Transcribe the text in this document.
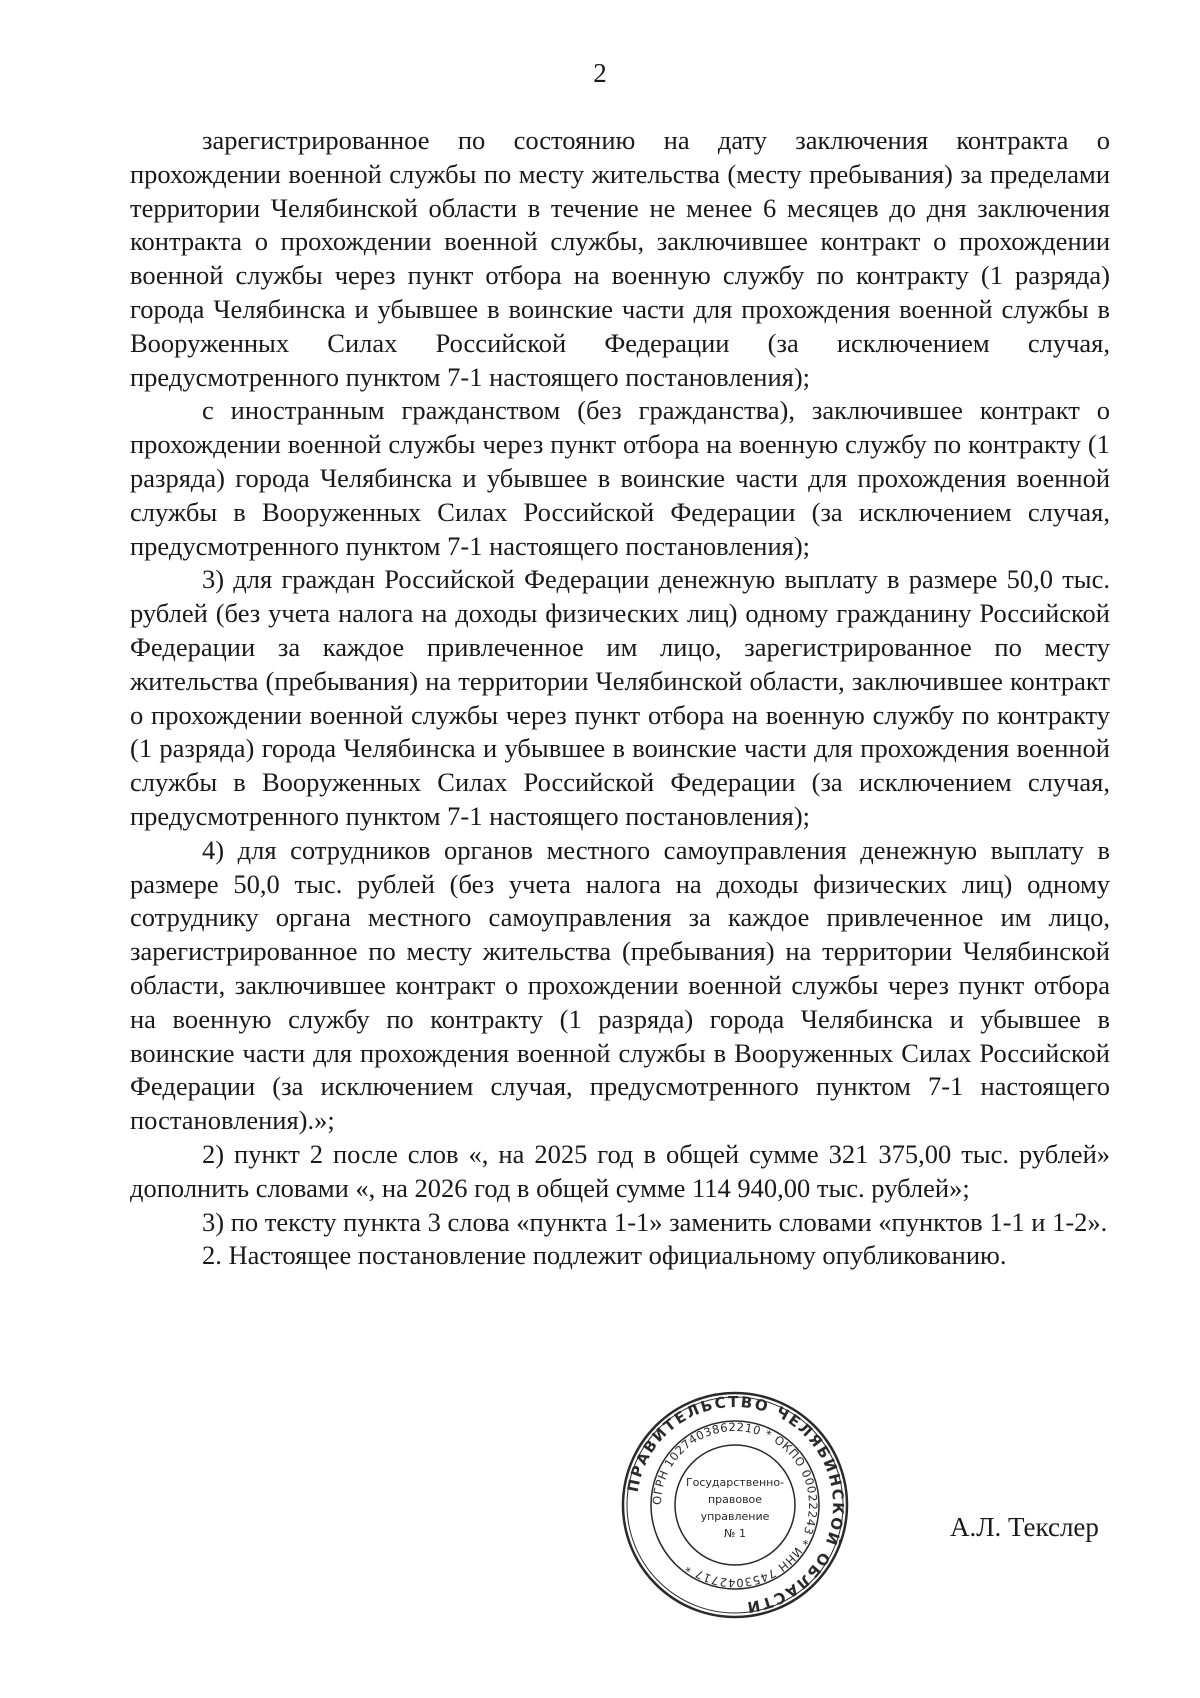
2

зарегистрированное по состоянию на дату заключения контракта о прохождении военной службы по месту жительства (месту пребывания) за пределами территории Челябинской области в течение не менее 6 месяцев до дня заключения контракта о прохождении военной службы, заключившее контракт о прохождении военной службы через пункт отбора на военную службу по контракту (1 разряда) города Челябинска и убывшее в воинские части для прохождения военной службы в Вооруженных Силах Российской Федерации (за исключением случая, предусмотренного пунктом 7-1 настоящего постановления);

с иностранным гражданством (без гражданства), заключившее контракт о прохождении военной службы через пункт отбора на военную службу по контракту (1 разряда) города Челябинска и убывшее в воинские части для прохождения военной службы в Вооруженных Силах Российской Федерации (за исключением случая, предусмотренного пунктом 7-1 настоящего постановления);

3) для граждан Российской Федерации денежную выплату в размере 50,0 тыс. рублей (без учета налога на доходы физических лиц) одному гражданину Российской Федерации за каждое привлеченное им лицо, зарегистрированное по месту жительства (пребывания) на территории Челябинской области, заключившее контракт о прохождении военной службы через пункт отбора на военную службу по контракту (1 разряда) города Челябинска и убывшее в воинские части для прохождения военной службы в Вооруженных Силах Российской Федерации (за исключением случая, предусмотренного пунктом 7-1 настоящего постановления);

4) для сотрудников органов местного самоуправления денежную выплату в размере 50,0 тыс. рублей (без учета налога на доходы физических лиц) одному сотруднику органа местного самоуправления за каждое привлеченное им лицо, зарегистрированное по месту жительства (пребывания) на территории Челябинской области, заключившее контракт о прохождении военной службы через пункт отбора на военную службу по контракту (1 разряда) города Челябинска и убывшее в воинские части для прохождения военной службы в Вооруженных Силах Российской Федерации (за исключением случая, предусмотренного пунктом 7-1 настоящего постановления).»;

2) пункт 2 после слов «, на 2025 год в общей сумме 321 375,00 тыс. рублей» дополнить словами «, на 2026 год в общей сумме 114 940,00 тыс. рублей»;

3) по тексту пункта 3 слова «пункта 1-1» заменить словами «пунктов 1-1 и 1-2».

2. Настоящее постановление подлежит официальному опубликованию.

ПРАВИТЕЛЬСТВО ЧЕЛЯБИНСКОЙ ОБЛАСТИ
ОГРН 1027403862210 * ОКПО 00022243 * ИНН 7453042717 *
Государственно-
правовое
управление
№ 1	А.Л. Текслер
